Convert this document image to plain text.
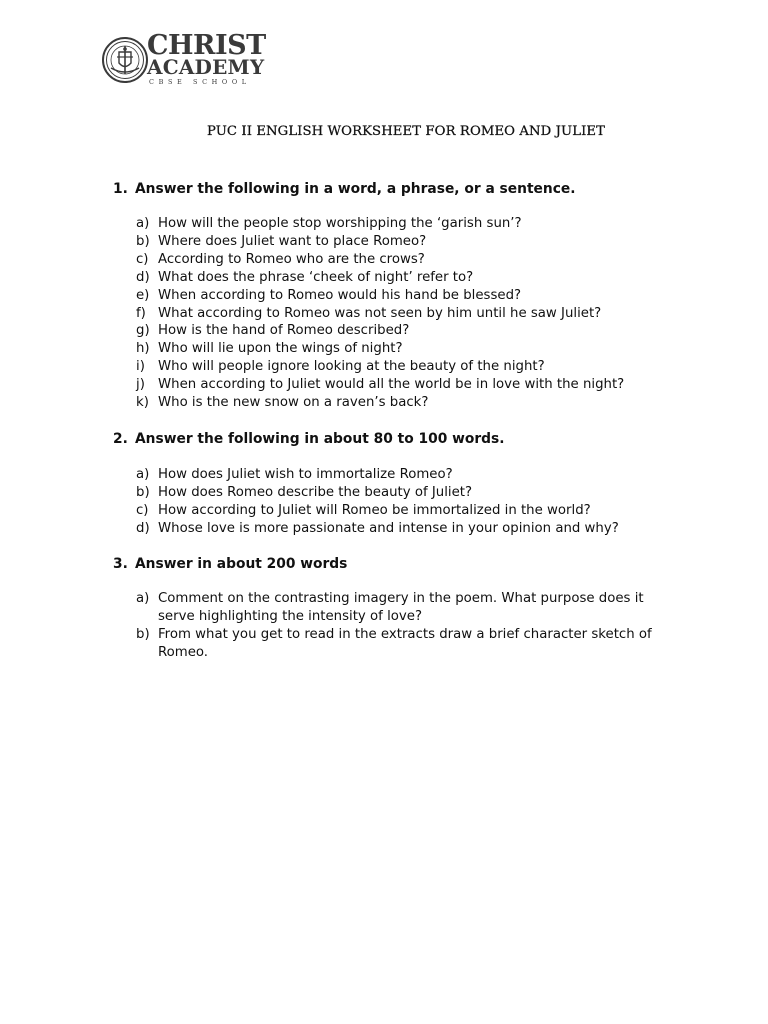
CHRIST
ACADEMY
CBSE SCHOOL
PUC II ENGLISH WORKSHEET FOR ROMEO AND JULIET
1. Answer the following in a word, a phrase, or a sentence.
a) How will the people stop worshipping the ‘garish sun’?
b) Where does Juliet want to place Romeo?
c) According to Romeo who are the crows?
d) What does the phrase ‘cheek of night’ refer to?
e) When according to Romeo would his hand be blessed?
f) What according to Romeo was not seen by him until he saw Juliet?
g) How is the hand of Romeo described?
h) Who will lie upon the wings of night?
i) Who will people ignore looking at the beauty of the night?
j) When according to Juliet would all the world be in love with the night?
k) Who is the new snow on a raven’s back?
2. Answer the following in about 80 to 100 words.
a) How does Juliet wish to immortalize Romeo?
b) How does Romeo describe the beauty of Juliet?
c) How according to Juliet will Romeo be immortalized in the world?
d) Whose love is more passionate and intense in your opinion and why?
3. Answer in about 200 words
a) Comment on the contrasting imagery in the poem. What purpose does it serve highlighting the intensity of love?
b) From what you get to read in the extracts draw a brief character sketch of Romeo.
